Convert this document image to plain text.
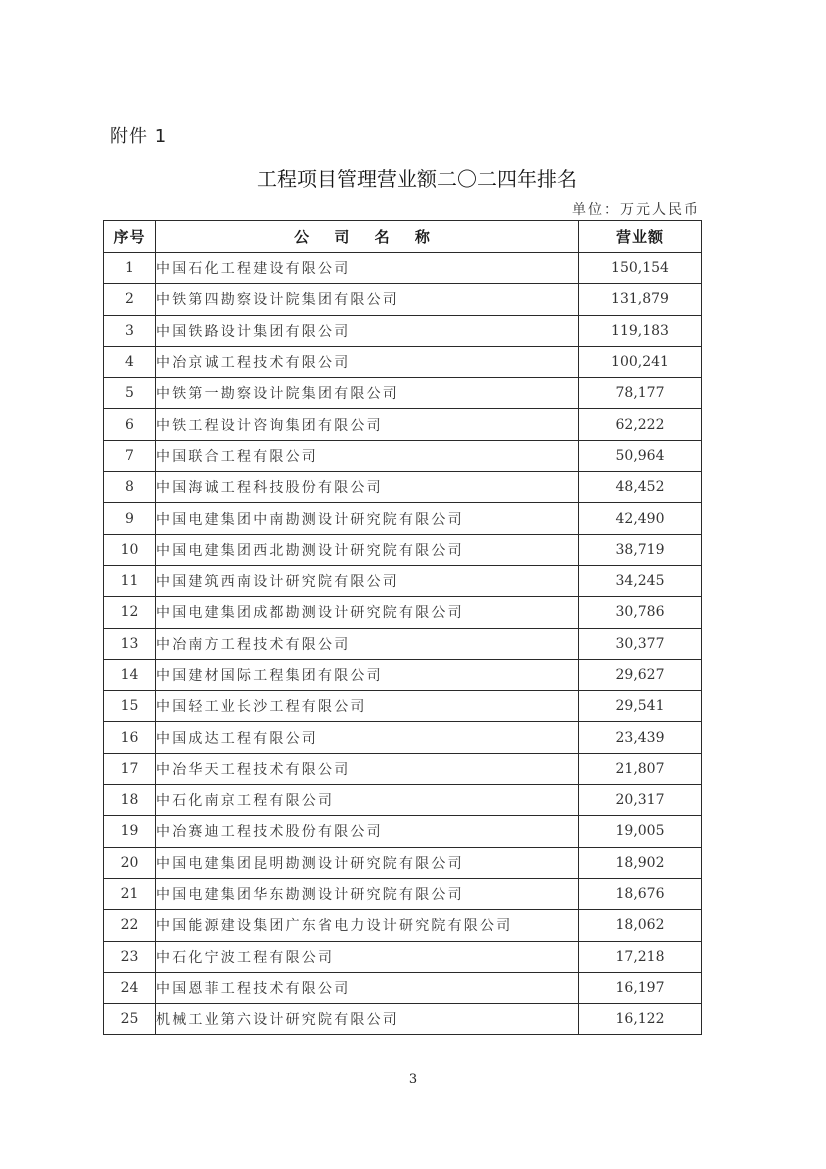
附件 1
工程项目管理营业额二〇二四年排名
单位：万元人民币
序号	公 司 名 称	营业额
1	中国石化工程建设有限公司	150,154
2	中铁第四勘察设计院集团有限公司	131,879
3	中国铁路设计集团有限公司	119,183
4	中冶京诚工程技术有限公司	100,241
5	中铁第一勘察设计院集团有限公司	78,177
6	中铁工程设计咨询集团有限公司	62,222
7	中国联合工程有限公司	50,964
8	中国海诚工程科技股份有限公司	48,452
9	中国电建集团中南勘测设计研究院有限公司	42,490
10	中国电建集团西北勘测设计研究院有限公司	38,719
11	中国建筑西南设计研究院有限公司	34,245
12	中国电建集团成都勘测设计研究院有限公司	30,786
13	中冶南方工程技术有限公司	30,377
14	中国建材国际工程集团有限公司	29,627
15	中国轻工业长沙工程有限公司	29,541
16	中国成达工程有限公司	23,439
17	中冶华天工程技术有限公司	21,807
18	中石化南京工程有限公司	20,317
19	中冶赛迪工程技术股份有限公司	19,005
20	中国电建集团昆明勘测设计研究院有限公司	18,902
21	中国电建集团华东勘测设计研究院有限公司	18,676
22	中国能源建设集团广东省电力设计研究院有限公司	18,062
23	中石化宁波工程有限公司	17,218
24	中国恩菲工程技术有限公司	16,197
25	机械工业第六设计研究院有限公司	16,122
3
